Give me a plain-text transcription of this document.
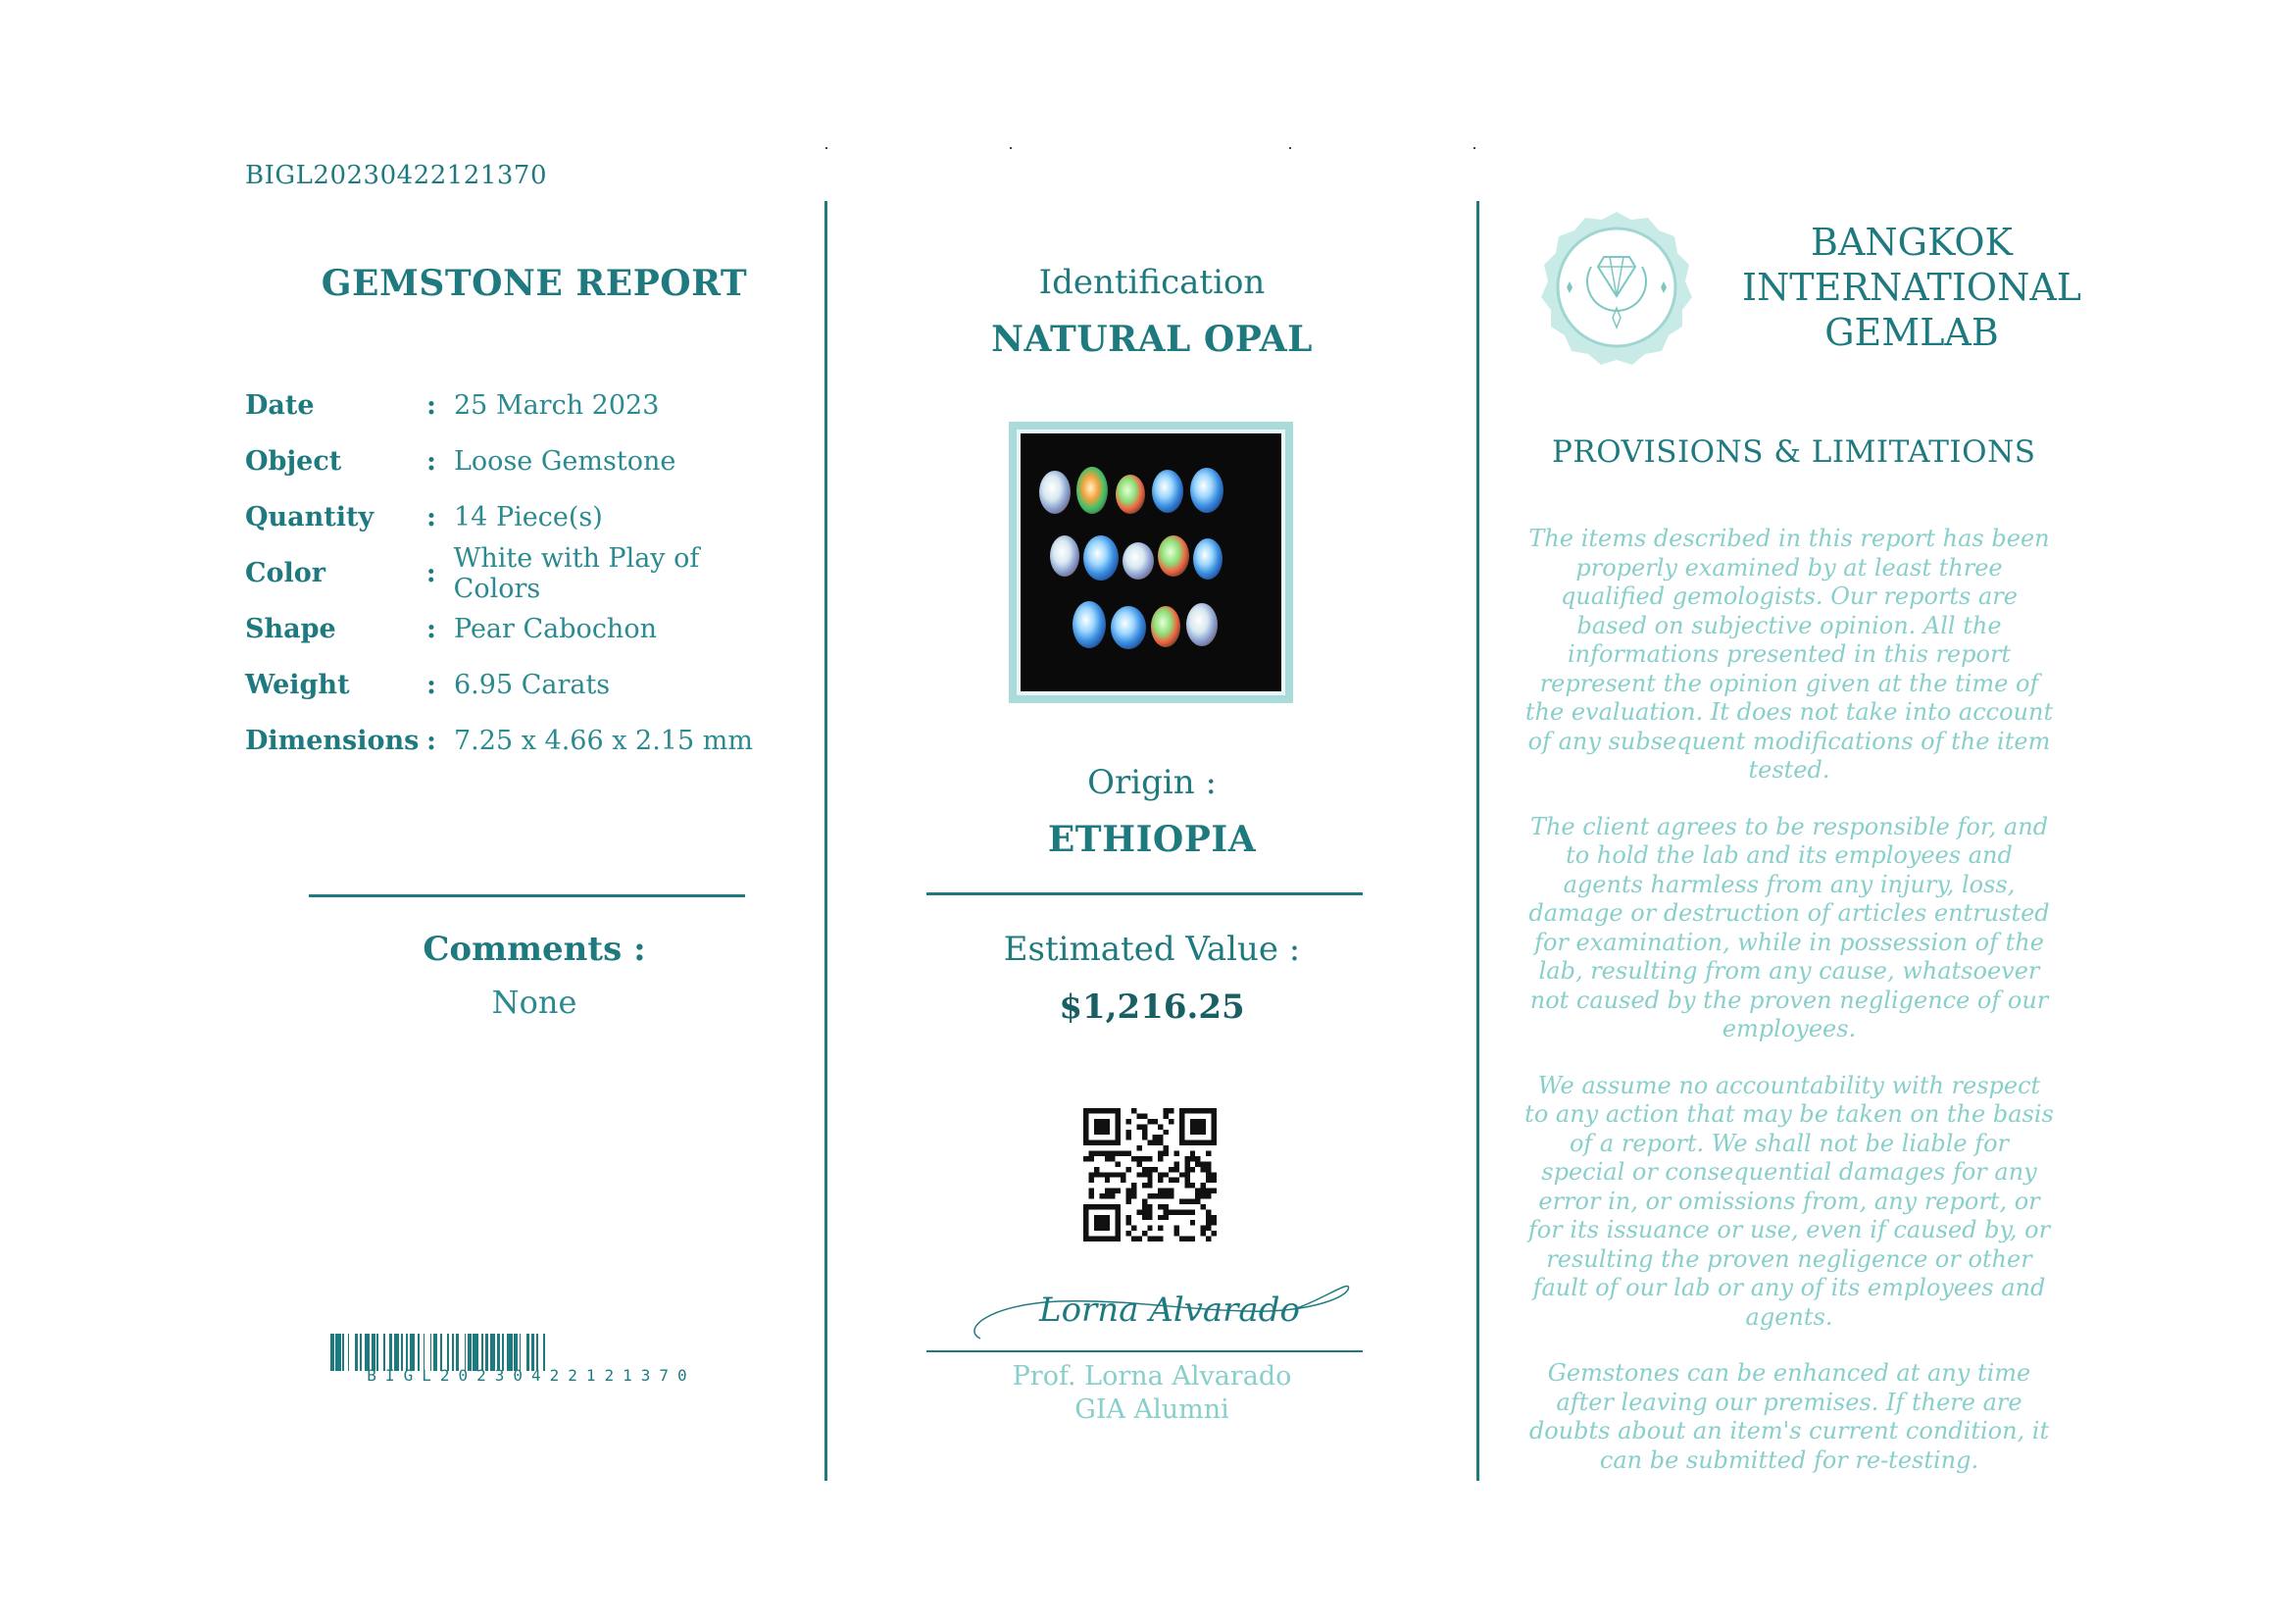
BIGL20230422121370
GEMSTONE REPORT
Date	: 25 March 2023
Object	: Loose Gemstone
Quantity	: 14 Piece(s)
Color	: White with Play of Colors
Shape	: Pear Cabochon
Weight	: 6.95 Carats
Dimensions : 7.25 x 4.66 x 2.15 mm
Comments :
None
BIGL20230422121370
Identification
NATURAL OPAL
Origin :
ETHIOPIA
Estimated Value :
$1,216.25
Lorna Alvarado
Prof. Lorna Alvarado
GIA Alumni
BANGKOK
INTERNATIONAL
GEMLAB
PROVISIONS & LIMITATIONS

The items described in this report has been properly examined by at least three qualified gemologists. Our reports are based on subjective opinion. All the informations presented in this report represent the opinion given at the time of the evaluation. It does not take into account of any subsequent modifications of the item tested.

The client agrees to be responsible for, and to hold the lab and its employees and agents harmless from any injury, loss, damage or destruction of articles entrusted for examination, while in possession of the lab, resulting from any cause, whatsoever not caused by the proven negligence of our employees.

We assume no accountability with respect to any action that may be taken on the basis of a report. We shall not be liable for special or consequential damages for any error in, or omissions from, any report, or for its issuance or use, even if caused by, or resulting the proven negligence or other fault of our lab or any of its employees and agents.

Gemstones can be enhanced at any time after leaving our premises. If there are doubts about an item's current condition, it can be submitted for re-testing.
